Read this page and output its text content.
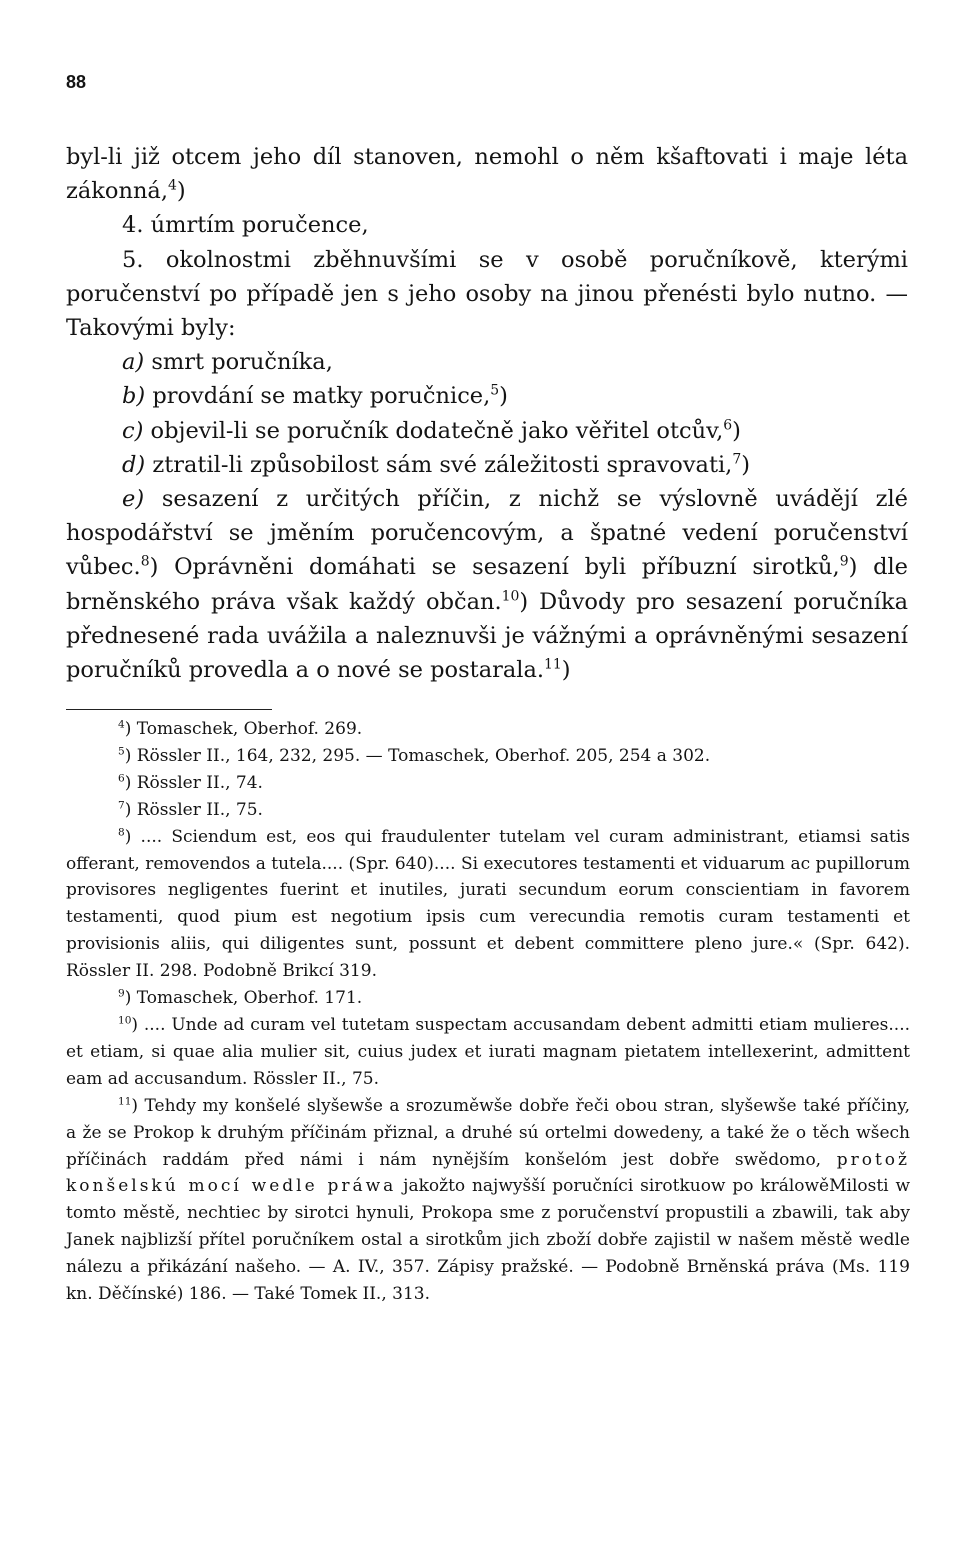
88

byl-li již otcem jeho díl stanoven, nemohl o něm kšaftovati i maje léta zákonná,$^4$)

4. úmrtím poručence,

5. okolnostmi zběhnuvšími se v osobě poručníkově, kterými poručenství po případě jen s jeho osoby na jinou přenésti bylo nutno. — Takovými byly:

a) smrt poručníka,

b) provdání se matky poručnice,$^5$)

c) objevil-li se poručník dodatečně jako věřitel otcův,$^6$)

d) ztratil-li způsobilost sám své záležitosti spravovati,$^7$)

e) sesazení z určitých příčin, z nichž se výslovně uvádějí zlé hospodářství se jměním poručencovým, a špatné vedení poručenství vůbec.$^8$) Oprávněni domáhati se sesazení byli příbuzní sirotků,$^9$) dle brněnského práva však každý občan.$^{10}$) Důvody pro sesazení poručníka přednesené rada uvážila a naleznuvši je vážnými a oprávněnými sesazení poručníků provedla a o nové se postarala.$^{11}$)

$^4$) Tomaschek, Oberhof. 269.

$^5$) Rössler II., 164, 232, 295. — Tomaschek, Oberhof. 205, 254 a 302.

$^6$) Rössler II., 74.

$^7$) Rössler II., 75.

$^8$) .... Sciendum est, eos qui fraudulenter tutelam vel curam administrant, etiamsi satis offerant, removendos a tutela.... (Spr. 640).... Si executores testamenti et viduarum ac pupillorum provisores negligentes fuerint et inutiles, jurati secundum eorum conscientiam in favorem testamenti, quod pium est negotium ipsis cum verecundia remotis curam testamenti et provisionis aliis, qui diligentes sunt, possunt et debent committere pleno jure.« (Spr. 642). Rössler II. 298. Podobně Brikcí 319.

$^9$) Tomaschek, Oberhof. 171.

$^{10}$) .... Unde ad curam vel tutetam suspectam accusandam debent admitti etiam mulieres.... et etiam, si quae alia mulier sit, cuius judex et iurati magnam pietatem intellexerint, admittent eam ad accusandum. Rössler II., 75.

$^{11}$) Tehdy my konšelé slyšewše a srozuměwše dobře řeči obou stran, slyšewše také příčiny, a že se Prokop k druhým příčinám přiznal, a druhé sú ortelmi dowedeny, a také že o těch wšech příčinách raddám před námi i nám nynějším konšelóm jest dobře swědomo, protož konšelskú mocí wedle práwa jakožto najwyšší poručníci sirotkuow po králowěMilosti w tomto městě, nechtiec by sirotci hynuli, Prokopa sme z poručenství propustili a zbawili, tak aby Janek najblizší přítel poručníkem ostal a sirotkům jich zboží dobře zajistil w našem městě wedle nálezu a přikázání našeho. — A. IV., 357. Zápisy pražské. — Podobně Brněnská práva (Ms. 119 kn. Děčínské) 186. — Také Tomek II., 313.
